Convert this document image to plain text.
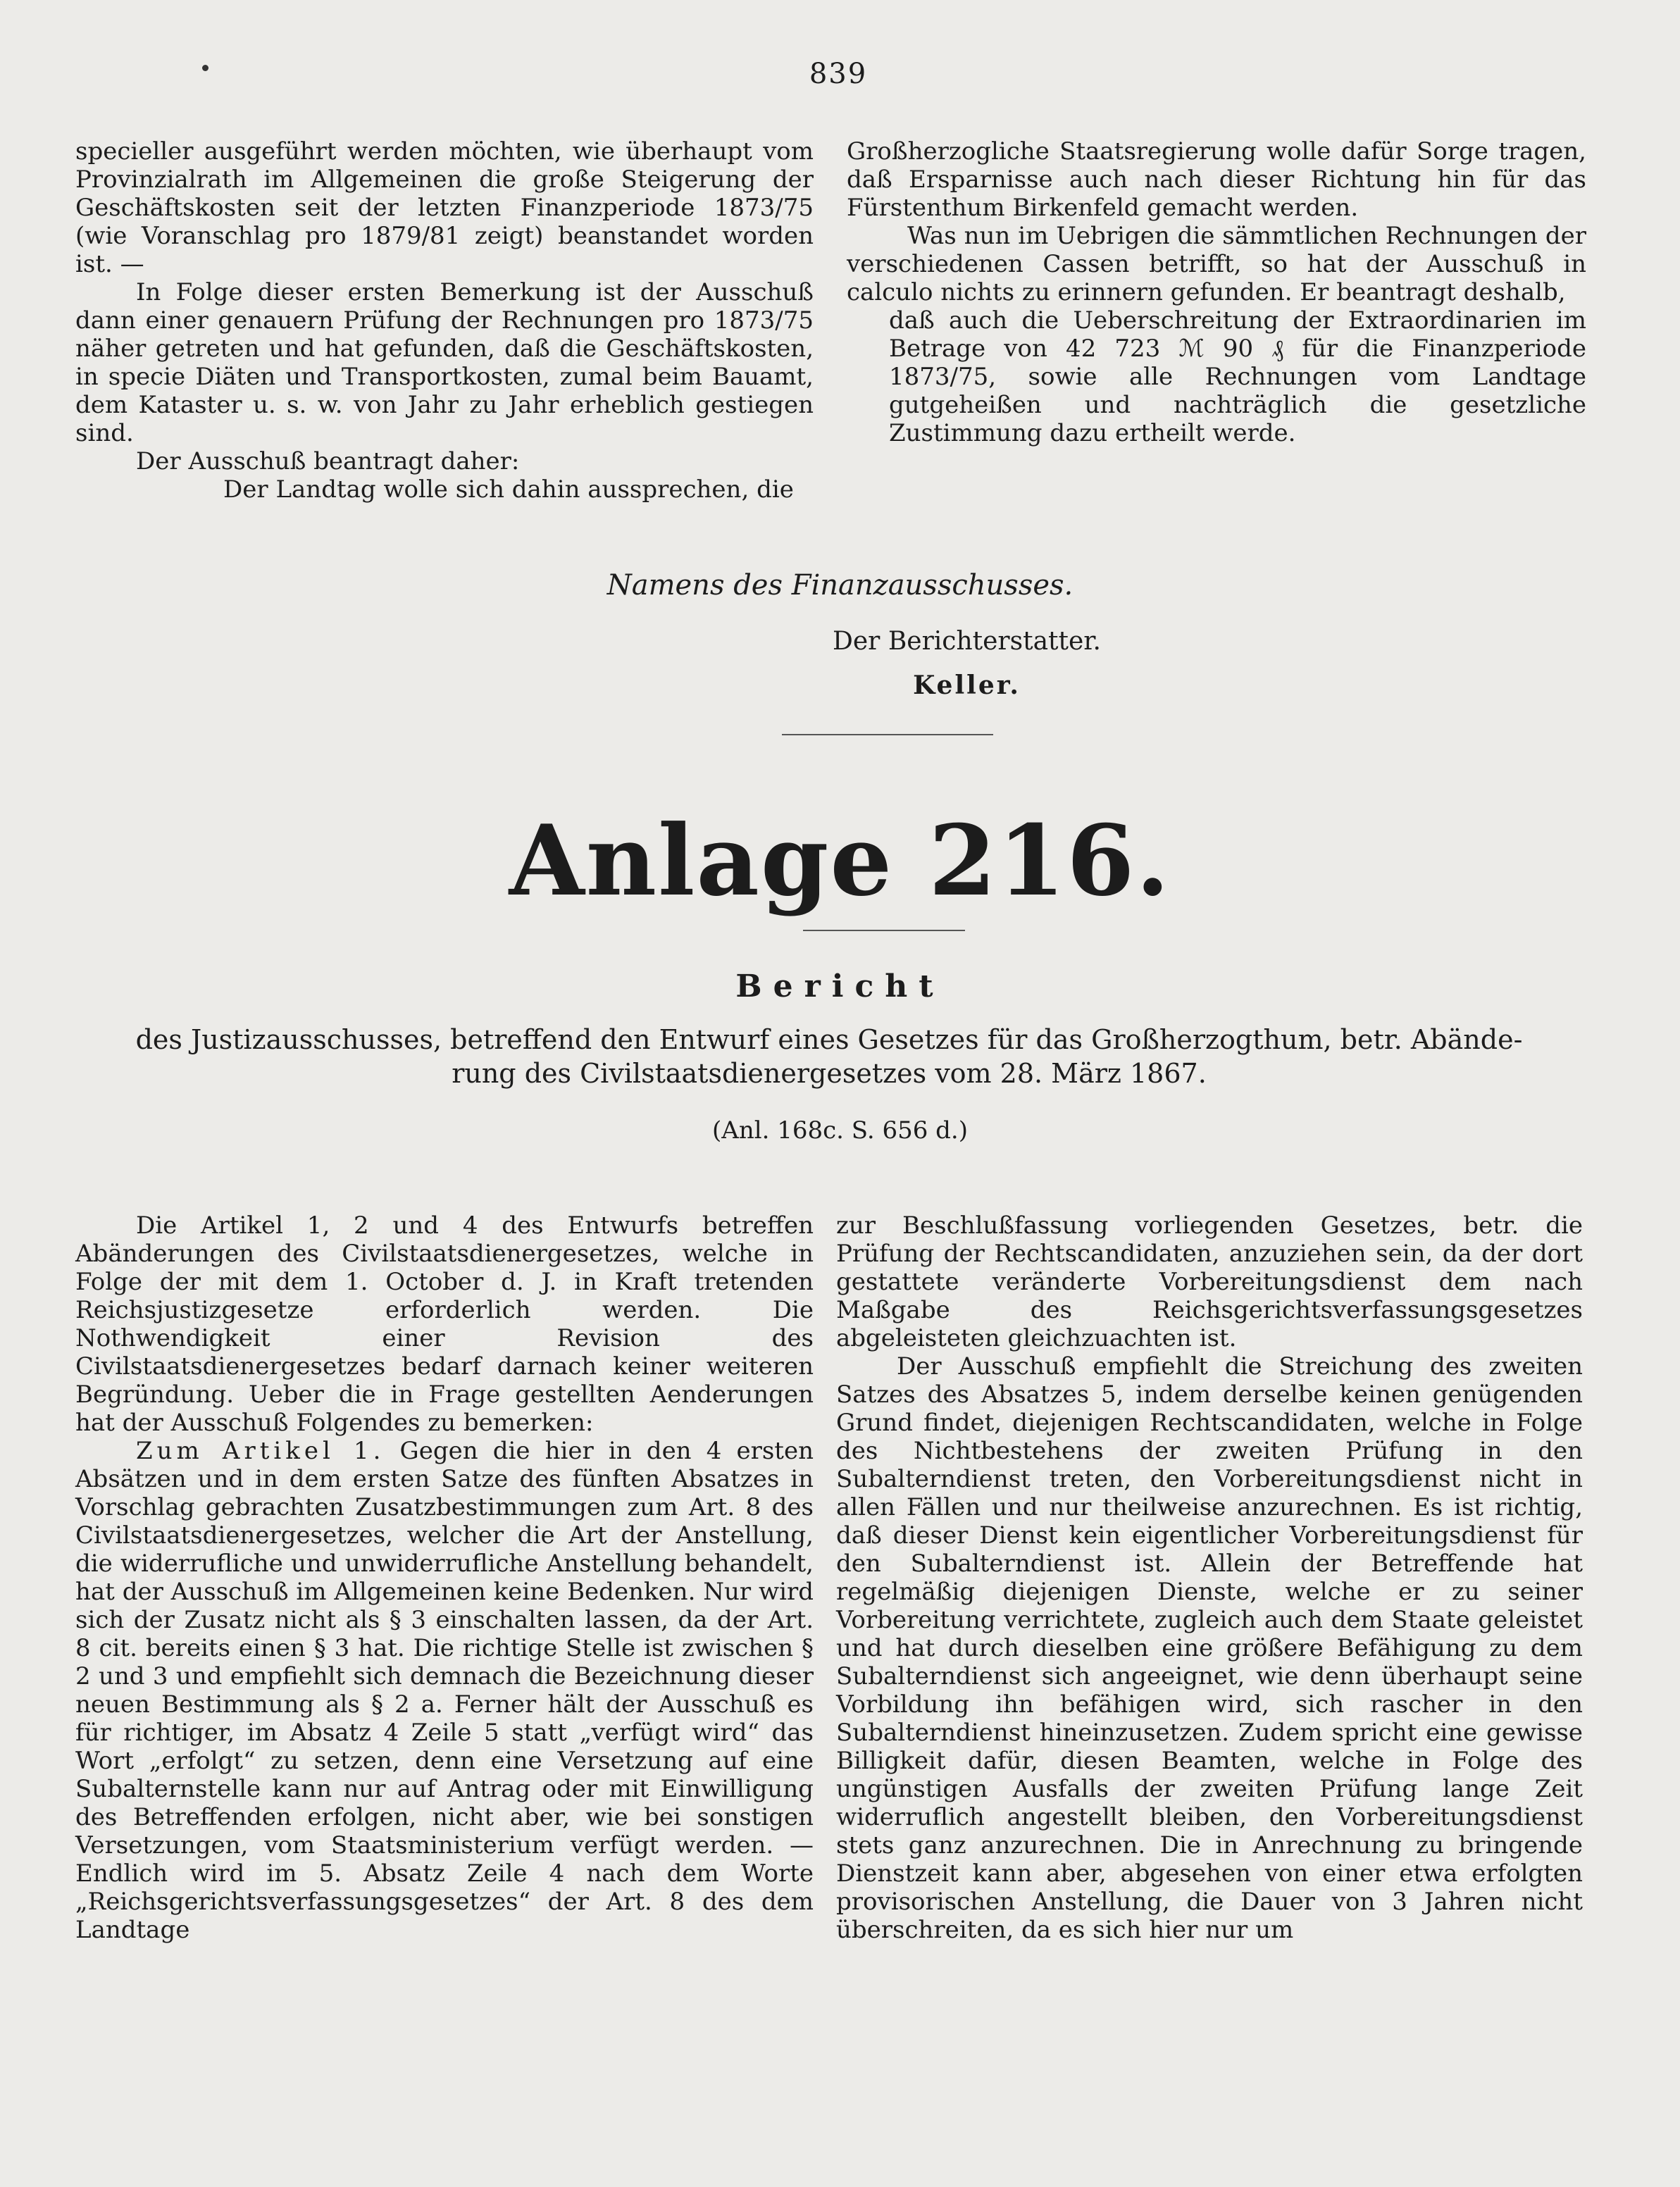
839

specieller ausgeführt werden möchten, wie überhaupt vom Provinzialrath im Allgemeinen die große Steigerung der Geschäftskosten seit der letzten Finanzperiode 1873/75 (wie Voranschlag pro 1879/81 zeigt) beanstandet worden ist. —

In Folge dieser ersten Bemerkung ist der Ausschuß dann einer genauern Prüfung der Rechnungen pro 1873/75 näher getreten und hat gefunden, daß die Geschäftskosten, in specie Diäten und Transportkosten, zumal beim Bauamt, dem Kataster u. s. w. von Jahr zu Jahr erheblich gestiegen sind.

Der Ausschuß beantragt daher:

Der Landtag wolle sich dahin aussprechen, die

Großherzogliche Staatsregierung wolle dafür Sorge tragen, daß Ersparnisse auch nach dieser Richtung hin für das Fürstenthum Birkenfeld gemacht werden.

Was nun im Uebrigen die sämmtlichen Rechnungen der verschiedenen Cassen betrifft, so hat der Ausschuß in calculo nichts zu erinnern gefunden. Er beantragt deshalb,

daß auch die Ueberschreitung der Extraordinarien im Betrage von 42 723 ℳ 90 ₰ für die Finanzperiode 1873/75, sowie alle Rechnungen vom Landtage gutgeheißen und nachträglich die gesetzliche Zustimmung dazu ertheilt werde.

Namens des Finanzausschusses.
Der Berichterstatter.
Keller.
Anlage 216.
Bericht

des Justizausschusses, betreffend den Entwurf eines Gesetzes für das Großherzogthum, betr. Abände-

rung des Civilstaatsdienergesetzes vom 28. März 1867.

(Anl. 168c. S. 656 d.)

Die Artikel 1, 2 und 4 des Entwurfs betreffen Abänderungen des Civilstaatsdienergesetzes, welche in Folge der mit dem 1. October d. J. in Kraft tretenden Reichsjustizgesetze erforderlich werden. Die Nothwendigkeit einer Revision des Civilstaatsdienergesetzes bedarf darnach keiner weiteren Begründung. Ueber die in Frage gestellten Aenderungen hat der Ausschuß Folgendes zu bemerken:

Zum Artikel 1. Gegen die hier in den 4 ersten Absätzen und in dem ersten Satze des fünften Absatzes in Vorschlag gebrachten Zusatzbestimmungen zum Art. 8 des Civilstaatsdienergesetzes, welcher die Art der Anstellung, die widerrufliche und unwiderrufliche Anstellung behandelt, hat der Ausschuß im Allgemeinen keine Bedenken. Nur wird sich der Zusatz nicht als § 3 einschalten lassen, da der Art. 8 cit. bereits einen § 3 hat. Die richtige Stelle ist zwischen § 2 und 3 und empfiehlt sich demnach die Bezeichnung dieser neuen Bestimmung als § 2 a. Ferner hält der Ausschuß es für richtiger, im Absatz 4 Zeile 5 statt „verfügt wird“ das Wort „erfolgt“ zu setzen, denn eine Versetzung auf eine Subalternstelle kann nur auf Antrag oder mit Einwilligung des Betreffenden erfolgen, nicht aber, wie bei sonstigen Versetzungen, vom Staatsministerium verfügt werden. — Endlich wird im 5. Absatz Zeile 4 nach dem Worte „Reichsgerichtsverfassungsgesetzes“ der Art. 8 des dem Landtage

zur Beschlußfassung vorliegenden Gesetzes, betr. die Prüfung der Rechtscandidaten, anzuziehen sein, da der dort gestattete veränderte Vorbereitungsdienst dem nach Maßgabe des Reichsgerichtsverfassungsgesetzes abgeleisteten gleichzuachten ist.

Der Ausschuß empfiehlt die Streichung des zweiten Satzes des Absatzes 5, indem derselbe keinen genügenden Grund findet, diejenigen Rechtscandidaten, welche in Folge des Nichtbestehens der zweiten Prüfung in den Subalterndienst treten, den Vorbereitungsdienst nicht in allen Fällen und nur theilweise anzurechnen. Es ist richtig, daß dieser Dienst kein eigentlicher Vorbereitungsdienst für den Subalterndienst ist. Allein der Betreffende hat regelmäßig diejenigen Dienste, welche er zu seiner Vorbereitung verrichtete, zugleich auch dem Staate geleistet und hat durch dieselben eine größere Befähigung zu dem Subalterndienst sich angeeignet, wie denn überhaupt seine Vorbildung ihn befähigen wird, sich rascher in den Subalterndienst hineinzusetzen. Zudem spricht eine gewisse Billigkeit dafür, diesen Beamten, welche in Folge des ungünstigen Ausfalls der zweiten Prüfung lange Zeit widerruflich angestellt bleiben, den Vorbereitungsdienst stets ganz anzurechnen. Die in Anrechnung zu bringende Dienstzeit kann aber, abgesehen von einer etwa erfolgten provisorischen Anstellung, die Dauer von 3 Jahren nicht überschreiten, da es sich hier nur um
